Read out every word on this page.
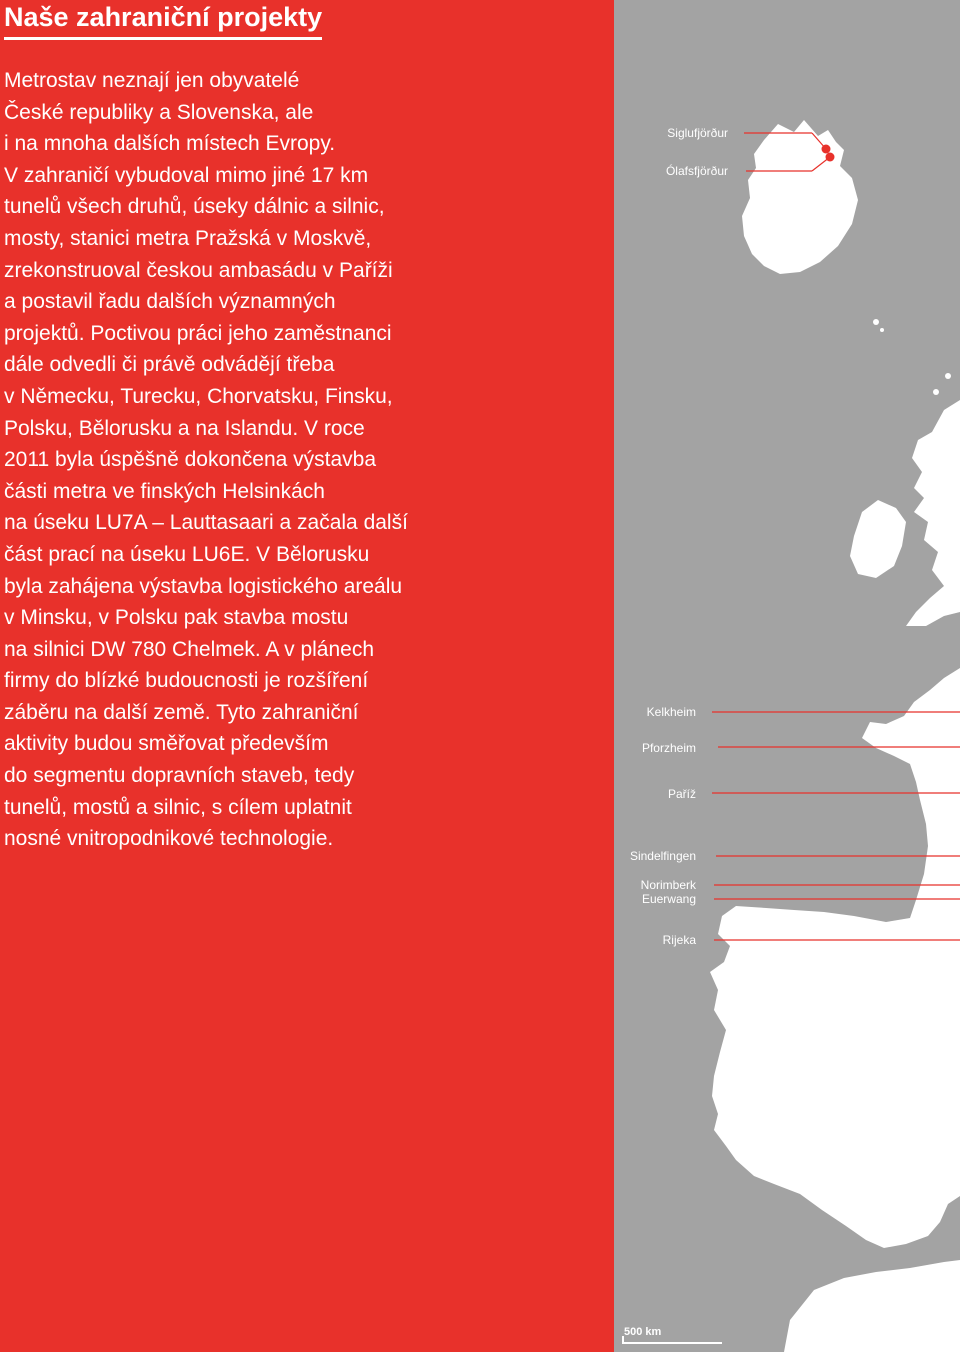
Naše zahraniční projekty
Metrostav neznají jen obyvatelé
České republiky a Slovenska, ale
i na mnoha dalších místech Evropy.
V zahraničí vybudoval mimo jiné 17 km
tunelů všech druhů, úseky dálnic a silnic,
mosty, stanici metra Pražská v Moskvě,
zrekonstruoval českou ambasádu v Paříži
a postavil řadu dalších významných
projektů. Poctivou práci jeho zaměstnanci
dále odvedli či právě odvádějí třeba
v Německu, Turecku, Chorvatsku, Finsku,
Polsku, Bělorusku a na Islandu. V roce
2011 byla úspěšně dokončena výstavba
části metra ve finských Helsinkách
na úseku LU7A – Lauttasaari a začala další
část prací na úseku LU6E. V Bělorusku
byla zahájena výstavba logistického areálu
v Minsku, v Polsku pak stavba mostu
na silnici DW 780 Chelmek. A v plánech
firmy do blízké budoucnosti je rozšíření
záběru na další země. Tyto zahraniční
aktivity budou směřovat především
do segmentu dopravních staveb, tedy
tunelů, mostů a silnic, s cílem uplatnit
nosné vnitropodnikové technologie.
Siglufjörður
Ólafsfjörður
Kelkheim
Pforzheim
Paříž
Sindelfingen
Norimberk
Euerwang
Rijeka
500 km
